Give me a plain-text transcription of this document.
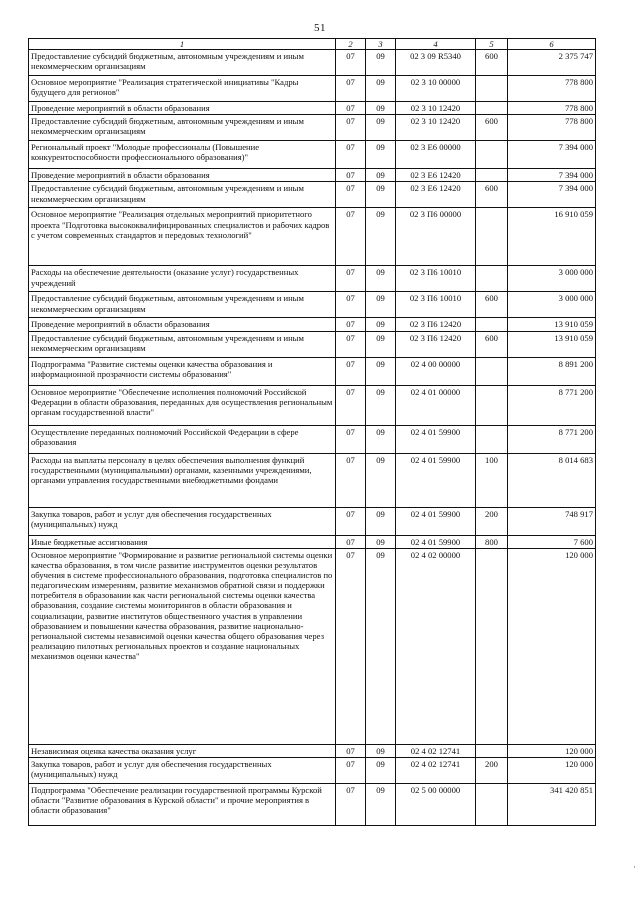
51
1	2	3	4	5	6
Предоставление субсидий бюджетным, автономным учреждениям и иным некоммерческим организациям	07	09	02 3 09 R5340	600	2 375 747
Основное мероприятие "Реализация стратегической инициативы "Кадры будущего для регионов"	07	09	02 3 10 00000		778 800
Проведение мероприятий в области образования	07	09	02 3 10 12420		778 800
Предоставление субсидий бюджетным, автономным учреждениям и иным некоммерческим организациям	07	09	02 3 10 12420	600	778 800
Региональный проект "Молодые профессионалы (Повышение конкурентоспособности профессионального образования)"	07	09	02 3 E6 00000		7 394 000
Проведение мероприятий в области образования	07	09	02 3 E6 12420		7 394 000
Предоставление субсидий бюджетным, автономным учреждениям и иным некоммерческим организациям	07	09	02 3 E6 12420	600	7 394 000
Основное мероприятие "Реализация отдельных мероприятий приоритетного проекта "Подготовка высококвалифицированных специалистов и рабочих кадров с учетом современных стандартов и передовых технологий"	07	09	02 3 П6 00000		16 910 059
Расходы на обеспечение деятельности (оказание услуг) государственных учреждений	07	09	02 3 П6 10010		3 000 000
Предоставление субсидий бюджетным, автономным учреждениям и иным некоммерческим организациям	07	09	02 3 П6 10010	600	3 000 000
Проведение мероприятий в области образования	07	09	02 3 П6 12420		13 910 059
Предоставление субсидий бюджетным, автономным учреждениям и иным некоммерческим организациям	07	09	02 3 П6 12420	600	13 910 059
Подпрограмма "Развитие системы оценки качества образования и информационной прозрачности системы образования"	07	09	02 4 00 00000		8 891 200
Основное мероприятие "Обеспечение исполнения полномочий Российской Федерации в области образования, переданных для осуществления региональным органам государственной власти"	07	09	02 4 01 00000		8 771 200
Осуществление переданных полномочий Российской Федерации в сфере образования	07	09	02 4 01 59900		8 771 200
Расходы на выплаты персоналу в целях обеспечения выполнения функций государственными (муниципальными) органами, казенными учреждениями, органами управления государственными внебюджетными фондами	07	09	02 4 01 59900	100	8 014 683
Закупка товаров, работ и услуг для обеспечения государственных (муниципальных) нужд	07	09	02 4 01 59900	200	748 917
Иные бюджетные ассигнования	07	09	02 4 01 59900	800	7 600
Основное мероприятие "Формирование и развитие региональной системы оценки качества образования, в том числе развитие инструментов оценки результатов обучения в системе профессионального образования, подготовка специалистов по педагогическим измерениям, развитие механизмов обратной связи и поддержки потребителя в образовании как части региональной системы оценки качества образования, создание системы мониторингов в области образования и социализации, развитие институтов общественного участия в управлении образованием и повышении качества образования, развитие национально- региональной системы независимой оценки качества общего образования через реализацию пилотных региональных проектов и создание национальных механизмов оценки качества"	07	09	02 4 02 00000		120 000
Независимая оценка качества оказания услуг	07	09	02 4 02 12741		120 000
Закупка товаров, работ и услуг для обеспечения государственных (муниципальных) нужд	07	09	02 4 02 12741	200	120 000
Подпрограмма "Обеспечение реализации государственной программы Курской области "Развитие образования в Курской области" и прочие мероприятия в области образования"	07	09	02 5 00 00000		341 420 851
·
